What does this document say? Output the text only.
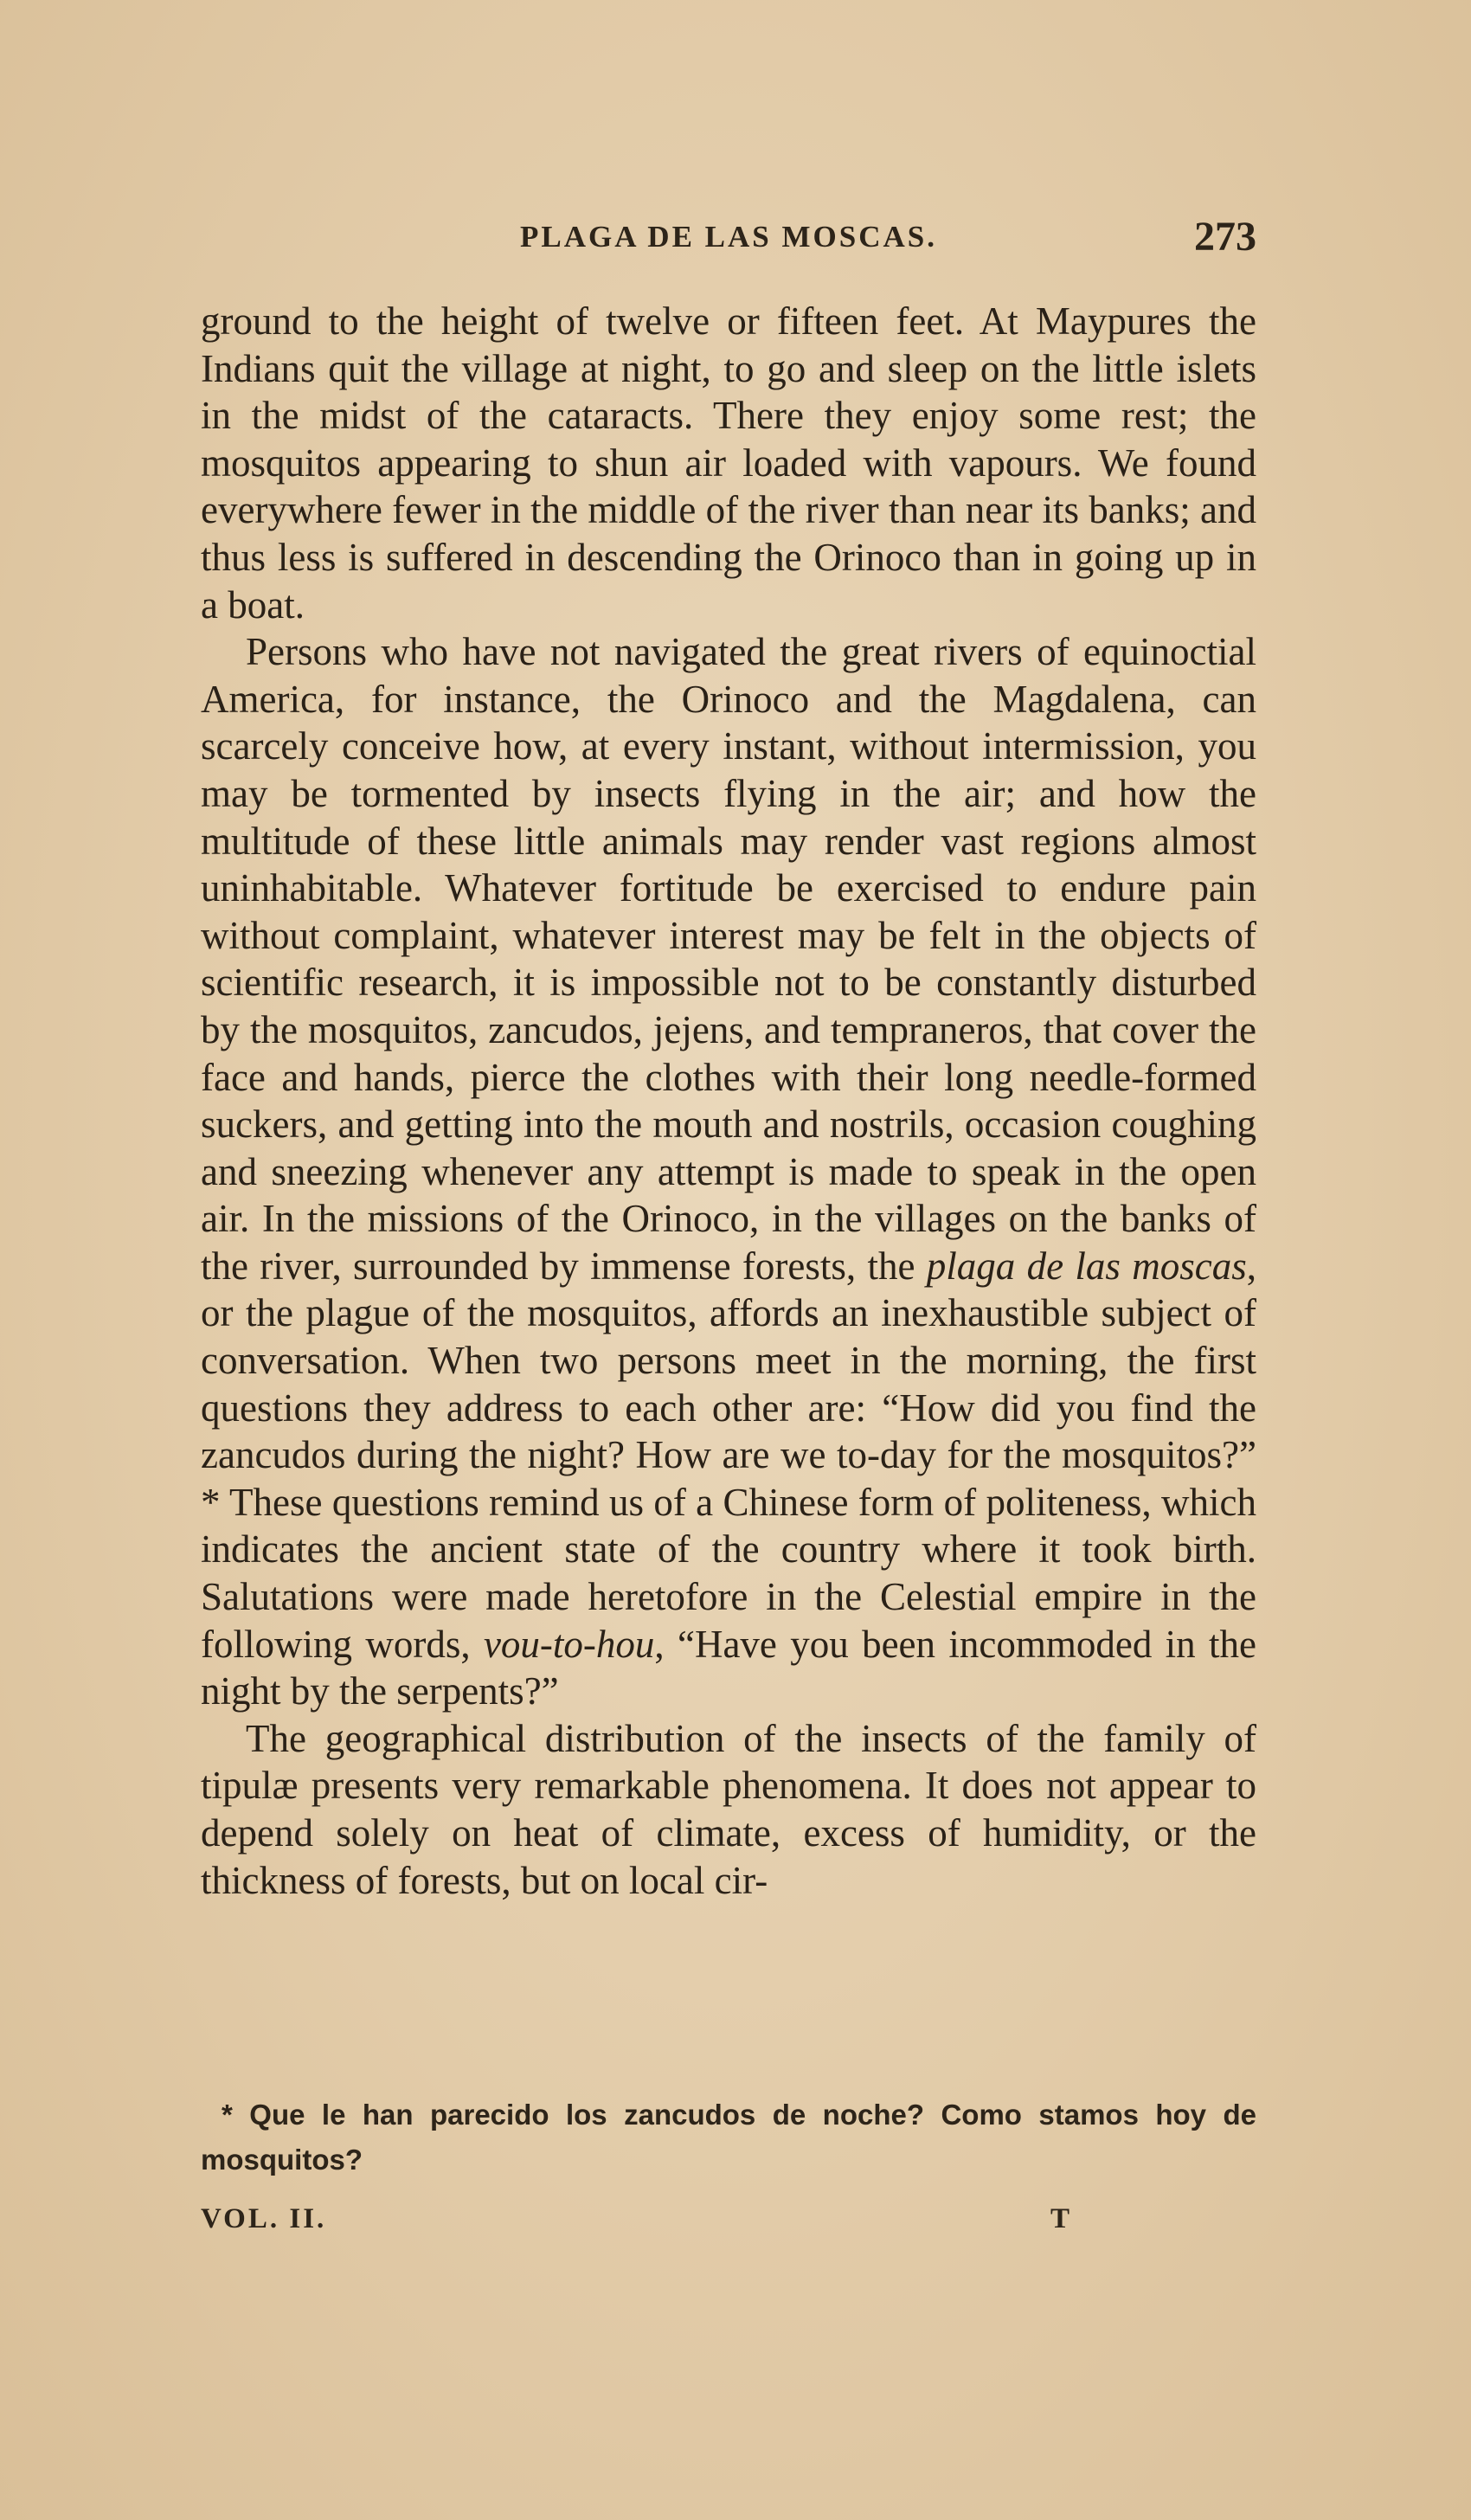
PLAGA DE LAS MOSCAS.	273

ground to the height of twelve or fifteen feet. At Maypures the Indians quit the village at night, to go and sleep on the little islets in the midst of the cataracts. There they enjoy some rest; the mosquitos appearing to shun air loaded with vapours. We found everywhere fewer in the middle of the river than near its banks; and thus less is suffered in descending the Orinoco than in going up in a boat.

Persons who have not navigated the great rivers of equinoctial America, for instance, the Orinoco and the Magdalena, can scarcely conceive how, at every instant, without intermission, you may be tormented by insects flying in the air; and how the multitude of these little animals may render vast regions almost uninhabitable. Whatever fortitude be exercised to endure pain without complaint, whatever interest may be felt in the objects of scientific research, it is impossible not to be constantly disturbed by the mosquitos, zancudos, jejens, and tempraneros, that cover the face and hands, pierce the clothes with their long needle-formed suckers, and getting into the mouth and nostrils, occasion coughing and sneezing whenever any attempt is made to speak in the open air. In the missions of the Orinoco, in the villages on the banks of the river, surrounded by immense forests, the plaga de las moscas, or the plague of the mosquitos, affords an inexhaustible subject of conversation. When two persons meet in the morning, the first questions they address to each other are: “How did you find the zancudos during the night? How are we to-day for the mosquitos?” * These questions remind us of a Chinese form of politeness, which indicates the ancient state of the country where it took birth. Salutations were made heretofore in the Celestial empire in the following words, vou-to-hou, “Have you been incommoded in the night by the serpents?”

The geographical distribution of the insects of the family of tipulæ presents very remarkable phenomena. It does not appear to depend solely on heat of climate, excess of humidity, or the thickness of forests, but on local cir-

* Que le han parecido los zancudos de noche? Como stamos hoy de mosquitos?
VOL. II.	T
